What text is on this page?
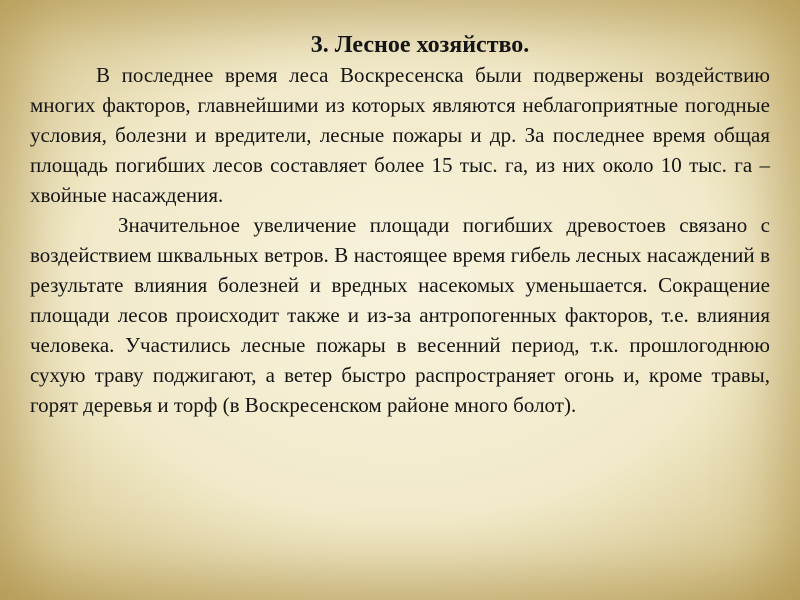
3. Лесное хозяйство.

В последнее время леса Воскресенска были подвержены воздействию многих факторов, главнейшими из которых являются неблагоприятные погодные условия, болезни и вредители, лесные пожары и др. За последнее время общая площадь погибших лесов составляет более 15 тыс. га, из них около 10 тыс. га – хвойные насаждения.

Значительное увеличение площади погибших древостоев связано с воздействием шквальных ветров. В настоящее время гибель лесных насаждений в результате влияния болезней и вредных насекомых уменьшается. Сокращение площади лесов происходит также и из-за антропогенных факторов, т.е. влияния человека. Участились лесные пожары в весенний период, т.к. прошлогоднюю сухую траву поджигают, а ветер быстро распространяет огонь и, кроме травы, горят деревья и торф (в Воскресенском районе много болот).
